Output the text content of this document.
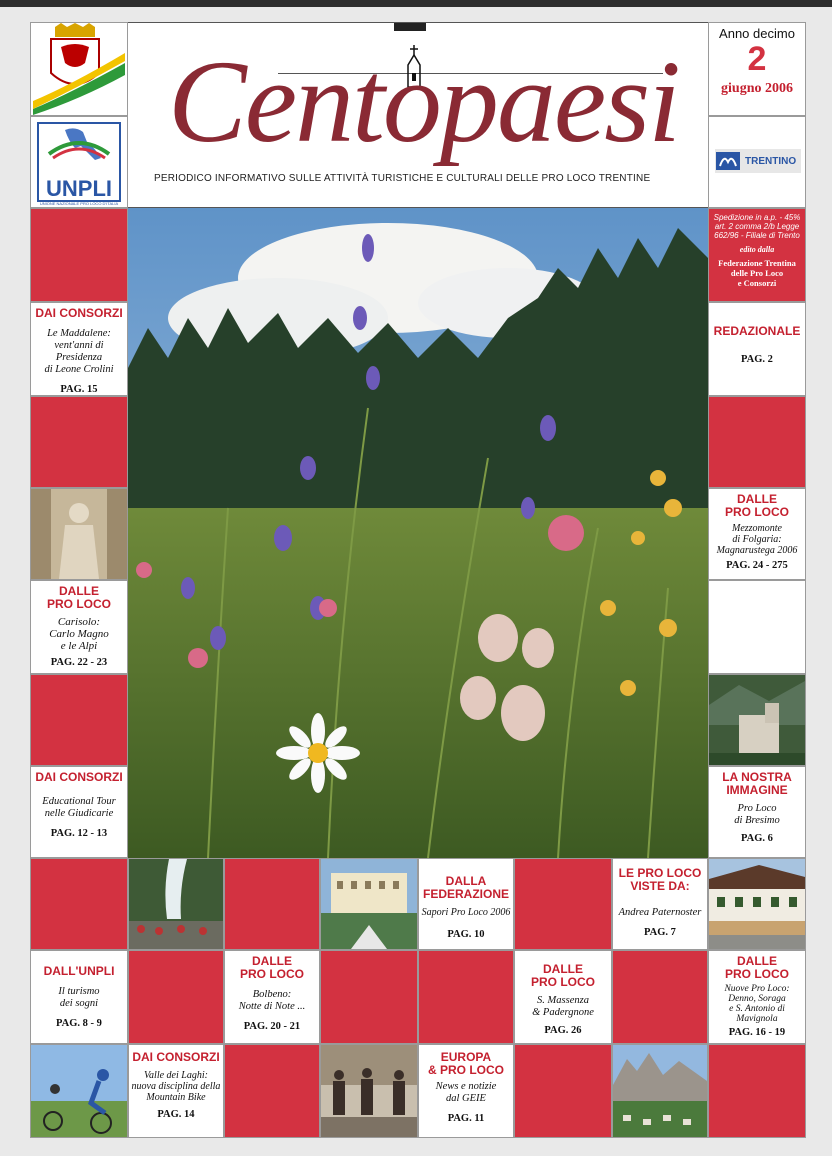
UNPLI
UNIONE NAZIONALE PRO LOCO D'ITALIA
Centopaesi
PERIODICO INFORMATIVO SULLE ATTIVITÀ TURISTICHE E CULTURALI DELLE PRO LOCO TRENTINE
Anno decimo
2
giugno 2006
TRENTINO
DAI CONSORZI
Le Maddalene:
vent'anni di Presidenza
di Leone Crolini
PAG. 15
DALLE
PRO LOCO
Carisolo:
Carlo Magno
e le Alpi
PAG. 22 - 23
DAI CONSORZI
Educational Tour
nelle Giudicarie
PAG. 12 - 13
Spedizione in a.p. - 45% art. 2 comma 2/b Legge 662/96 - Filiale di Trento
edito dalla
Federazione Trentina
delle Pro Loco
e Consorzi
REDAZIONALE
PAG. 2
DALLE
PRO LOCO
Mezzomonte
di Folgaria:
Magnarustega 2006
PAG. 24 - 275
LA NOSTRA
IMMAGINE
Pro Loco
di Bresimo
PAG. 6
DALLA
FEDERAZIONE
Sapori Pro Loco 2006
PAG. 10
LE PRO LOCO
VISTE DA:
Andrea Paternoster
PAG. 7
DALL'UNPLI
Il turismo
dei sogni
PAG. 8 - 9
DALLE
PRO LOCO
Bolbeno:
Notte di Note ...
PAG. 20 - 21
DALLE
PRO LOCO
S. Massenza
& Padergnone
PAG. 26
DALLE
PRO LOCO
Nuove Pro Loco:
Denno, Soraga
e S. Antonio di
Mavignola
PAG. 16 - 19
DAI CONSORZI
Valle dei Laghi:
nuova disciplina della
Mountain Bike
PAG. 14
EUROPA
& PRO LOCO
News e notizie
dal GEIE
PAG. 11
